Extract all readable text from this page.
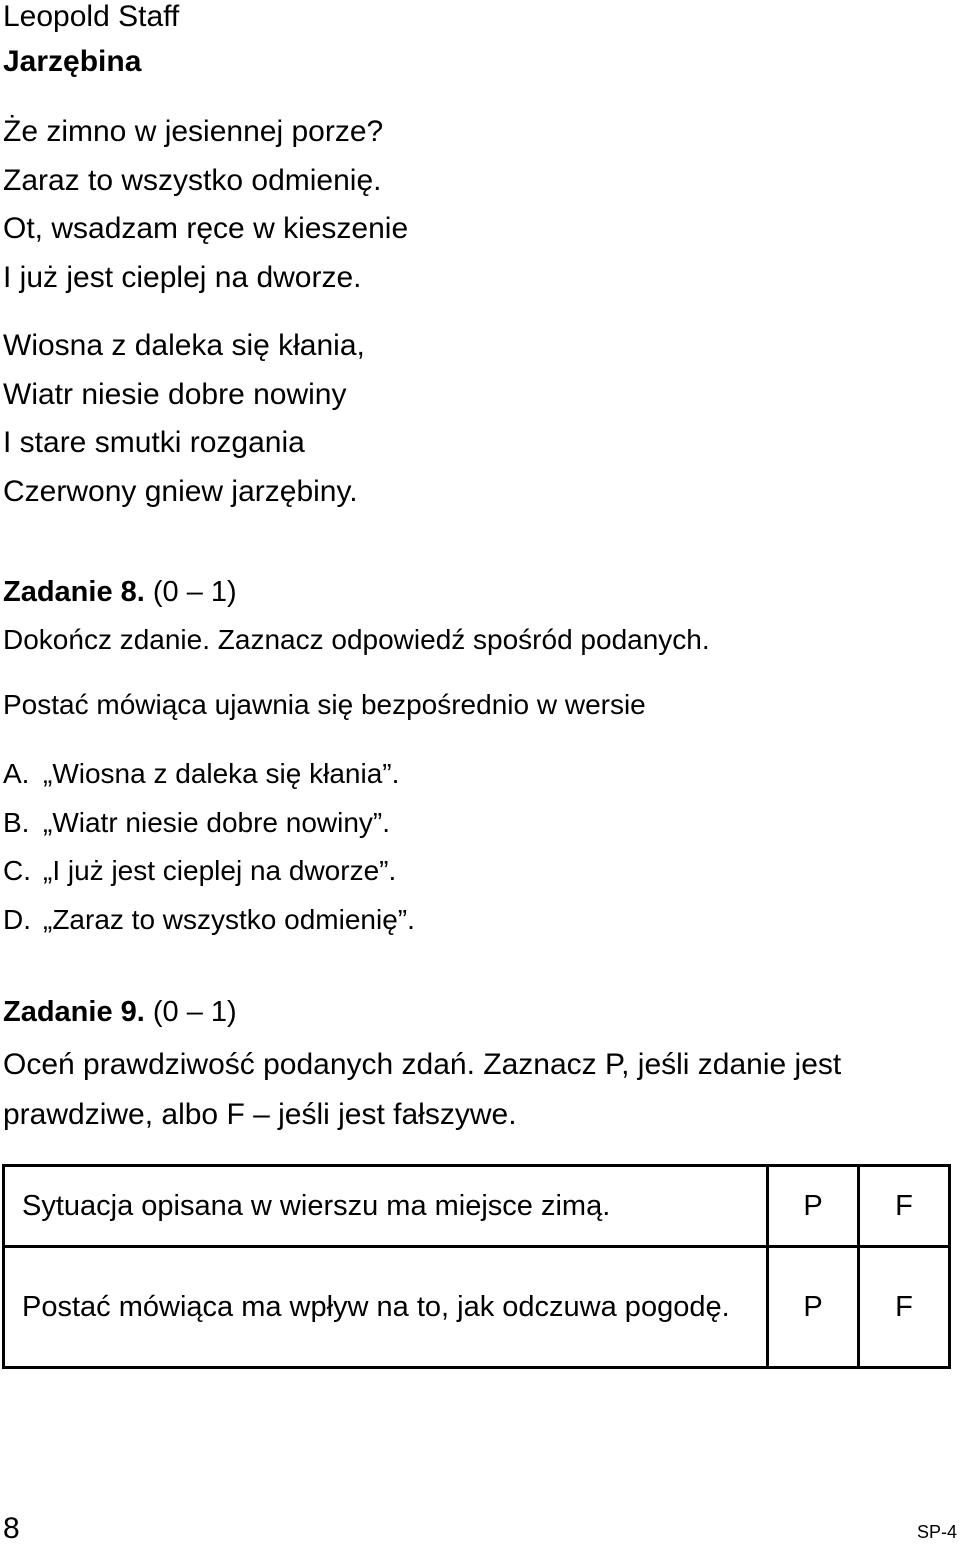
Leopold Staff
Jarzębina
Że zimno w jesiennej porze?
Zaraz to wszystko odmienię.
Ot, wsadzam ręce w kieszenie
I już jest cieplej na dworze.
Wiosna z daleka się kłania,
Wiatr niesie dobre nowiny
I stare smutki rozgania
Czerwony gniew jarzębiny.
Zadanie 8. (0 – 1)
Dokończ zdanie. Zaznacz odpowiedź spośród podanych.
Postać mówiąca ujawnia się bezpośrednio w wersie
A. „Wiosna z daleka się kłania”.
B. „Wiatr niesie dobre nowiny”.
C. „I już jest cieplej na dworze”.
D. „Zaraz to wszystko odmienię”.
Zadanie 9. (0 – 1)
Oceń prawdziwość podanych zdań. Zaznacz P, jeśli zdanie jest prawdziwe, albo F – jeśli jest fałszywe.
Sytuacja opisana w wierszu ma miejsce zimą.	P	F
Postać mówiąca ma wpływ na to, jak odczuwa pogodę.	P	F
8	SP-4
